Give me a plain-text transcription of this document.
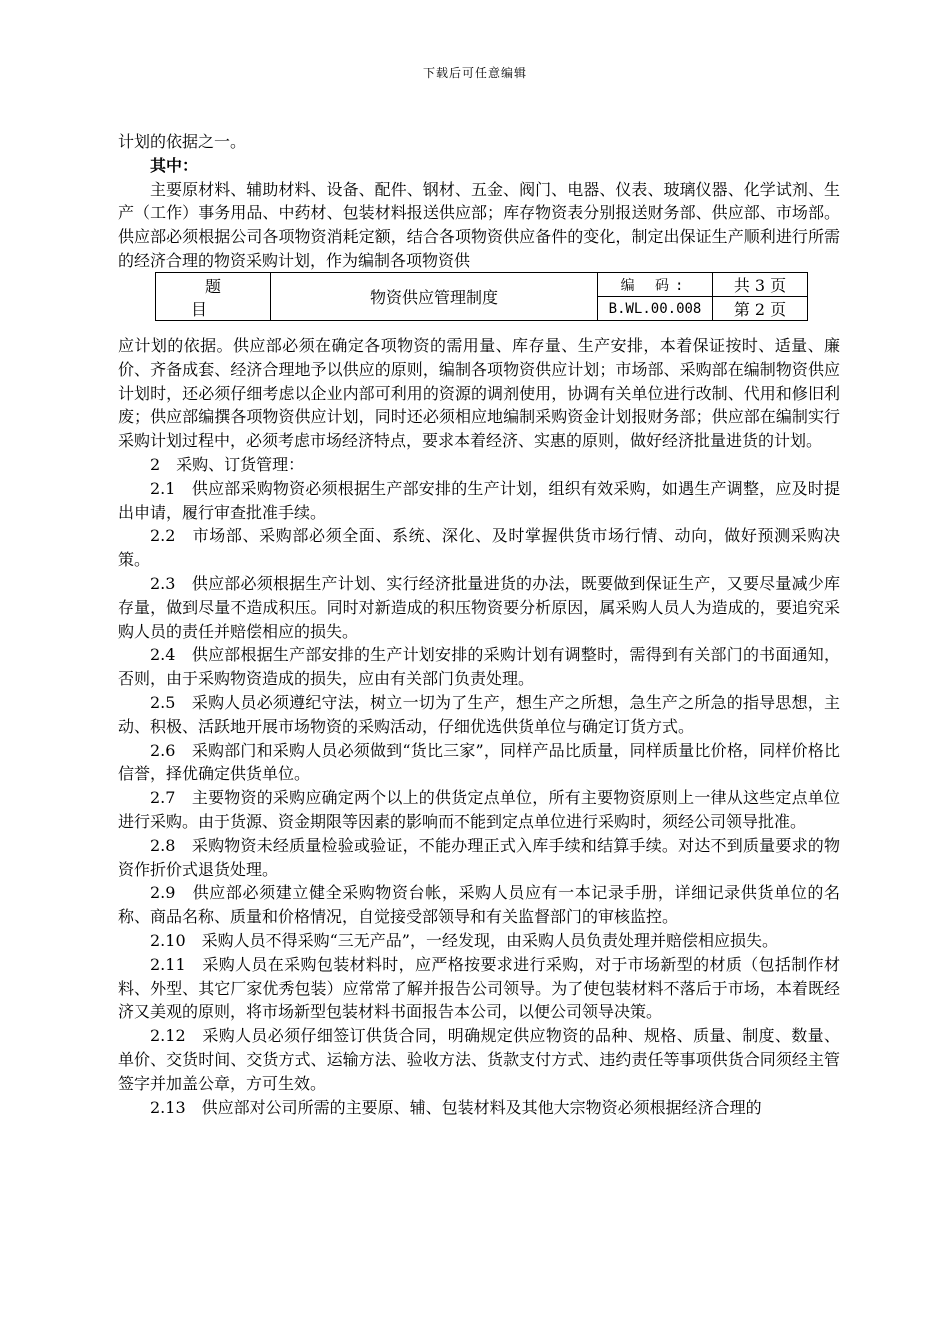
下载后可任意编辑

计划的依据之一。

其中：

主要原材料、辅助材料、设备、配件、钢材、五金、阀门、电器、仪表、玻璃仪器、化学试剂、生产（工作）事务用品、中药材、包装材料报送供应部；库存物资表分别报送财务部、供应部、市场部。供应部必须根据公司各项物资消耗定额，结合各项物资供应备件的变化，制定出保证生产顺利进行所需的经济合理的物资采购计划，作为编制各项物资供

题 目	物资供应管理制度	编 码:	共 3 页
		B.WL.00.008	第 2 页

应计划的依据。供应部必须在确定各项物资的需用量、库存量、生产安排，本着保证按时、适量、廉价、齐备成套、经济合理地予以供应的原则，编制各项物资供应计划；市场部、采购部在编制物资供应计划时，还必须仔细考虑以企业内部可利用的资源的调剂使用，协调有关单位进行改制、代用和修旧利废；供应部编撰各项物资供应计划，同时还必须相应地编制采购资金计划报财务部；供应部在编制实行采购计划过程中，必须考虑市场经济特点，要求本着经济、实惠的原则，做好经济批量进货的计划。

2　采购、订货管理：

2.1　供应部采购物资必须根据生产部安排的生产计划，组织有效采购，如遇生产调整，应及时提出申请，履行审查批准手续。

2.2　市场部、采购部必须全面、系统、深化、及时掌握供货市场行情、动向，做好预测采购决策。

2.3　供应部必须根据生产计划、实行经济批量进货的办法，既要做到保证生产，又要尽量减少库存量，做到尽量不造成积压。同时对新造成的积压物资要分析原因，属采购人员人为造成的，要追究采购人员的责任并赔偿相应的损失。

2.4　供应部根据生产部安排的生产计划安排的采购计划有调整时，需得到有关部门的书面通知，否则，由于采购物资造成的损失，应由有关部门负责处理。

2.5　采购人员必须遵纪守法，树立一切为了生产，想生产之所想，急生产之所急的指导思想，主动、积极、活跃地开展市场物资的采购活动，仔细优选供货单位与确定订货方式。

2.6　采购部门和采购人员必须做到“货比三家”，同样产品比质量，同样质量比价格，同样价格比信誉，择优确定供货单位。

2.7　主要物资的采购应确定两个以上的供货定点单位，所有主要物资原则上一律从这些定点单位进行采购。由于货源、资金期限等因素的影响而不能到定点单位进行采购时，须经公司领导批准。

2.8　采购物资未经质量检验或验证，不能办理正式入库手续和结算手续。对达不到质量要求的物资作折价式退货处理。

2.9　供应部必须建立健全采购物资台帐，采购人员应有一本记录手册，详细记录供货单位的名称、商品名称、质量和价格情况，自觉接受部领导和有关监督部门的审核监控。

2.10　采购人员不得采购“三无产品”，一经发现，由采购人员负责处理并赔偿相应损失。

2.11　采购人员在采购包装材料时，应严格按要求进行采购，对于市场新型的材质（包括制作材料、外型、其它厂家优秀包装）应常常了解并报告公司领导。为了使包装材料不落后于市场，本着既经济又美观的原则，将市场新型包装材料书面报告本公司，以便公司领导决策。

2.12　采购人员必须仔细签订供货合同，明确规定供应物资的品种、规格、质量、制度、数量、单价、交货时间、交货方式、运输方法、验收方法、货款支付方式、违约责任等事项供货合同须经主管签字并加盖公章，方可生效。

2.13　供应部对公司所需的主要原、辅、包装材料及其他大宗物资必须根据经济合理的
